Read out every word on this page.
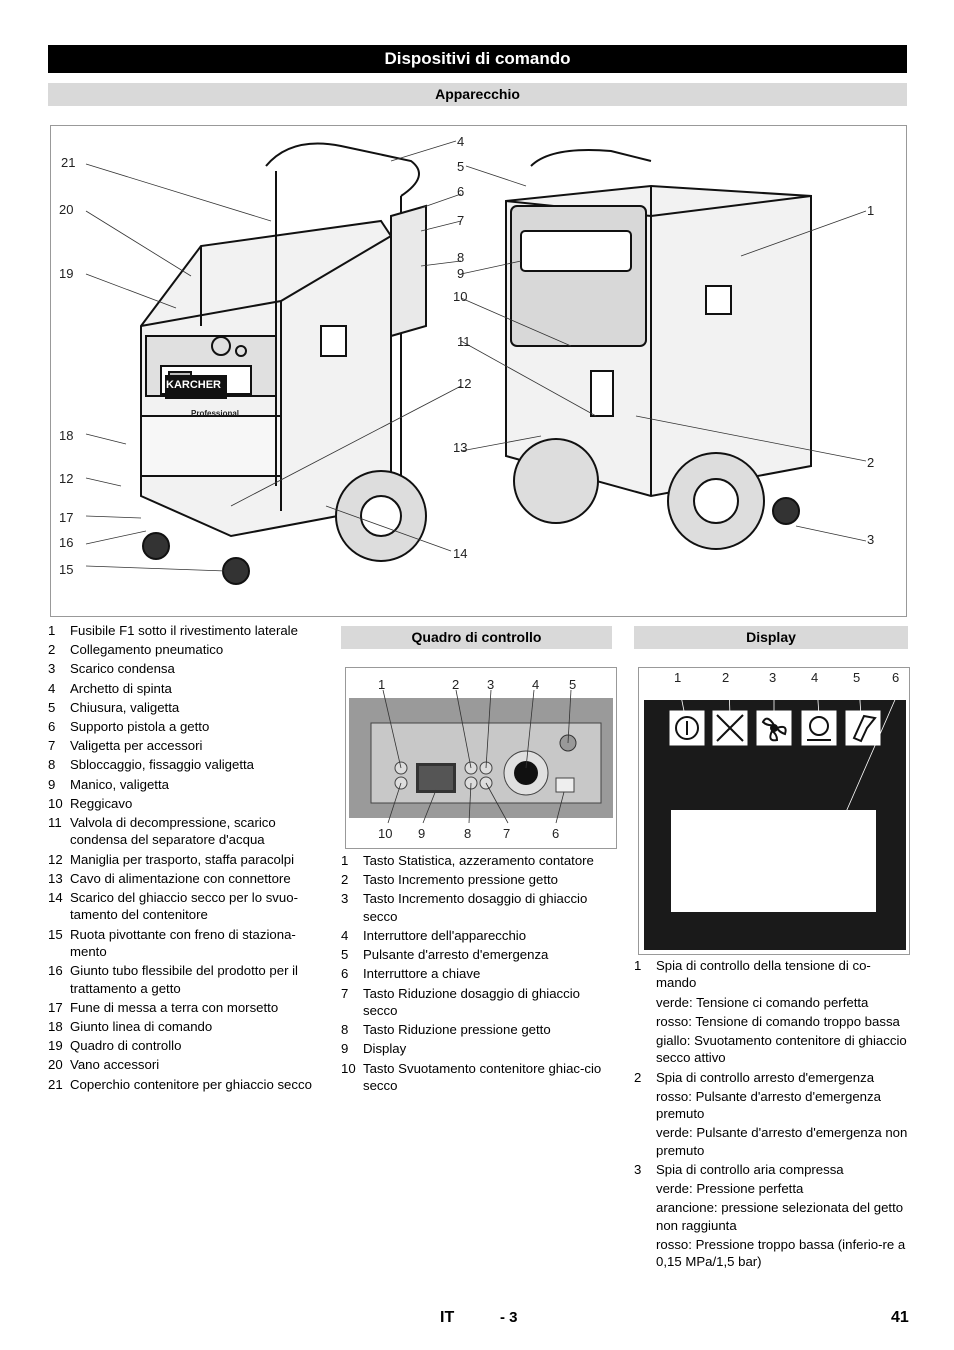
Dispositivi di comando
Apparecchio
KARCHER
Professional
21
20
19
18
12
17
16
15
4
5
6
7
8
9
10
11
12
13
14
1
2
3
1 Fusibile F1 sotto il rivestimento laterale
2 Collegamento pneumatico
3 Scarico condensa
4 Archetto di spinta
5 Chiusura, valigetta
6 Supporto pistola a getto
7 Valigetta per accessori
8 Sbloccaggio, fissaggio valigetta
9 Manico, valigetta
10 Reggicavo
11 Valvola di decompressione, scarico condensa del separatore d'acqua
12 Maniglia per trasporto, staffa paracolpi
13 Cavo di alimentazione con connettore
14 Scarico del ghiaccio secco per lo svuo-tamento del contenitore
15 Ruota pivottante con freno di staziona-mento
16 Giunto tubo flessibile del prodotto per il trattamento a getto
17 Fune di messa a terra con morsetto
18 Giunto linea di comando
19 Quadro di controllo
20 Vano accessori
21 Coperchio contenitore per ghiaccio secco
Quadro di controllo
1	2 3	4 5
10 9	8 7	6
1 Tasto Statistica, azzeramento contatore
2 Tasto Incremento pressione getto
3 Tasto Incremento dosaggio di ghiaccio secco
4 Interruttore dell'apparecchio
5 Pulsante d'arresto d'emergenza
6 Interruttore a chiave
7 Tasto Riduzione dosaggio di ghiaccio secco
8 Tasto Riduzione pressione getto
9 Display
10 Tasto Svuotamento contenitore ghiac-cio secco
Display
1	2	3	4	5 6
1 Spia di controllo della tensione di co-mando
verde: Tensione ci comando perfetta
rosso: Tensione di comando troppo bassa
giallo: Svuotamento contenitore di ghiaccio secco attivo
2 Spia di controllo arresto d'emergenza
rosso: Pulsante d'arresto d'emergenza premuto
verde: Pulsante d'arresto d'emergenza non premuto
3 Spia di controllo aria compressa
verde: Pressione perfetta
arancione: pressione selezionata del getto non raggiunta
rosso: Pressione troppo bassa (inferio-re a 0,15 MPa/1,5 bar)
IT	- 3	41
